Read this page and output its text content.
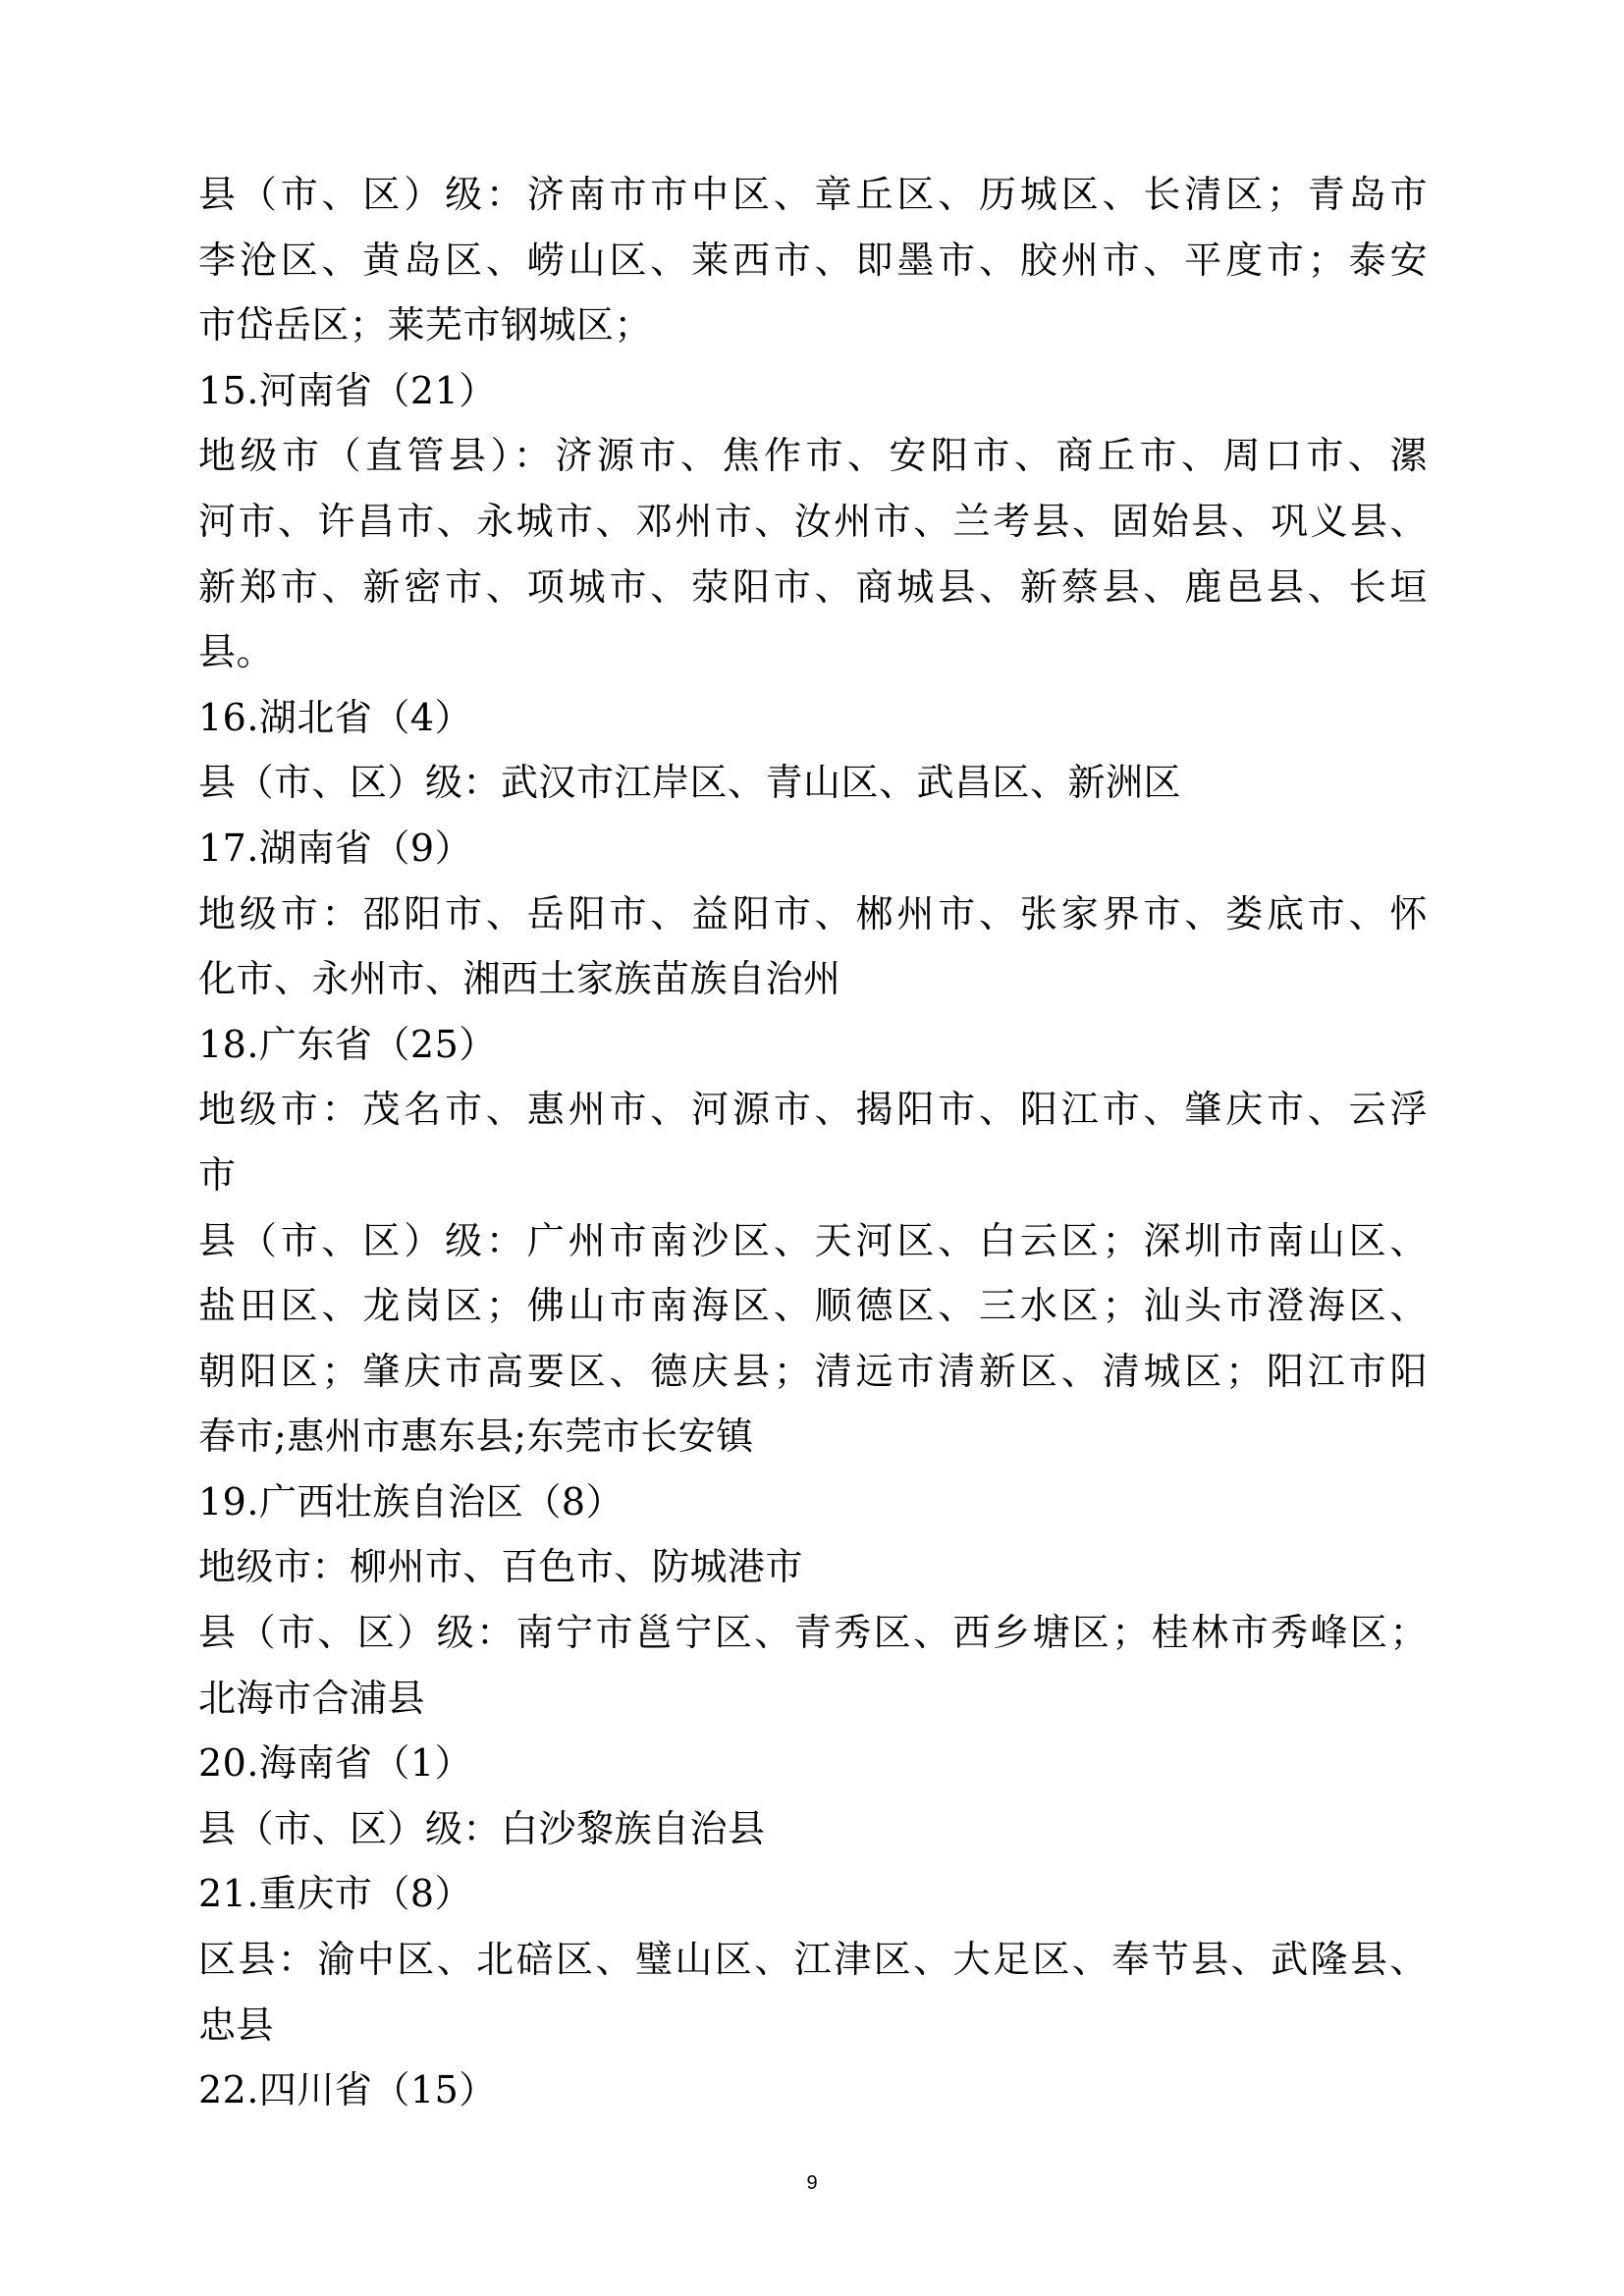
县（市、区）级：济南市市中区、章丘区、历城区、长清区；青岛市
李沧区、黄岛区、崂山区、莱西市、即墨市、胶州市、平度市；泰安
市岱岳区；莱芜市钢城区；
15.河南省（21）
地级市（直管县）：济源市、焦作市、安阳市、商丘市、周口市、漯
河市、许昌市、永城市、邓州市、汝州市、兰考县、固始县、巩义县、
新郑市、新密市、项城市、荥阳市、商城县、新蔡县、鹿邑县、长垣
县。
16.湖北省（4）
县（市、区）级：武汉市江岸区、青山区、武昌区、新洲区
17.湖南省（9）
地级市：邵阳市、岳阳市、益阳市、郴州市、张家界市、娄底市、怀
化市、永州市、湘西土家族苗族自治州
18.广东省（25）
地级市：茂名市、惠州市、河源市、揭阳市、阳江市、肇庆市、云浮
市
县（市、区）级：广州市南沙区、天河区、白云区；深圳市南山区、
盐田区、龙岗区；佛山市南海区、顺德区、三水区；汕头市澄海区、
朝阳区；肇庆市高要区、德庆县；清远市清新区、清城区；阳江市阳
春市;惠州市惠东县;东莞市长安镇
19.广西壮族自治区（8）
地级市：柳州市、百色市、防城港市
县（市、区）级：南宁市邕宁区、青秀区、西乡塘区；桂林市秀峰区；
北海市合浦县
20.海南省（1）
县（市、区）级：白沙黎族自治县
21.重庆市（8）
区县：渝中区、北碚区、璧山区、江津区、大足区、奉节县、武隆县、
忠县
22.四川省（15）
9
